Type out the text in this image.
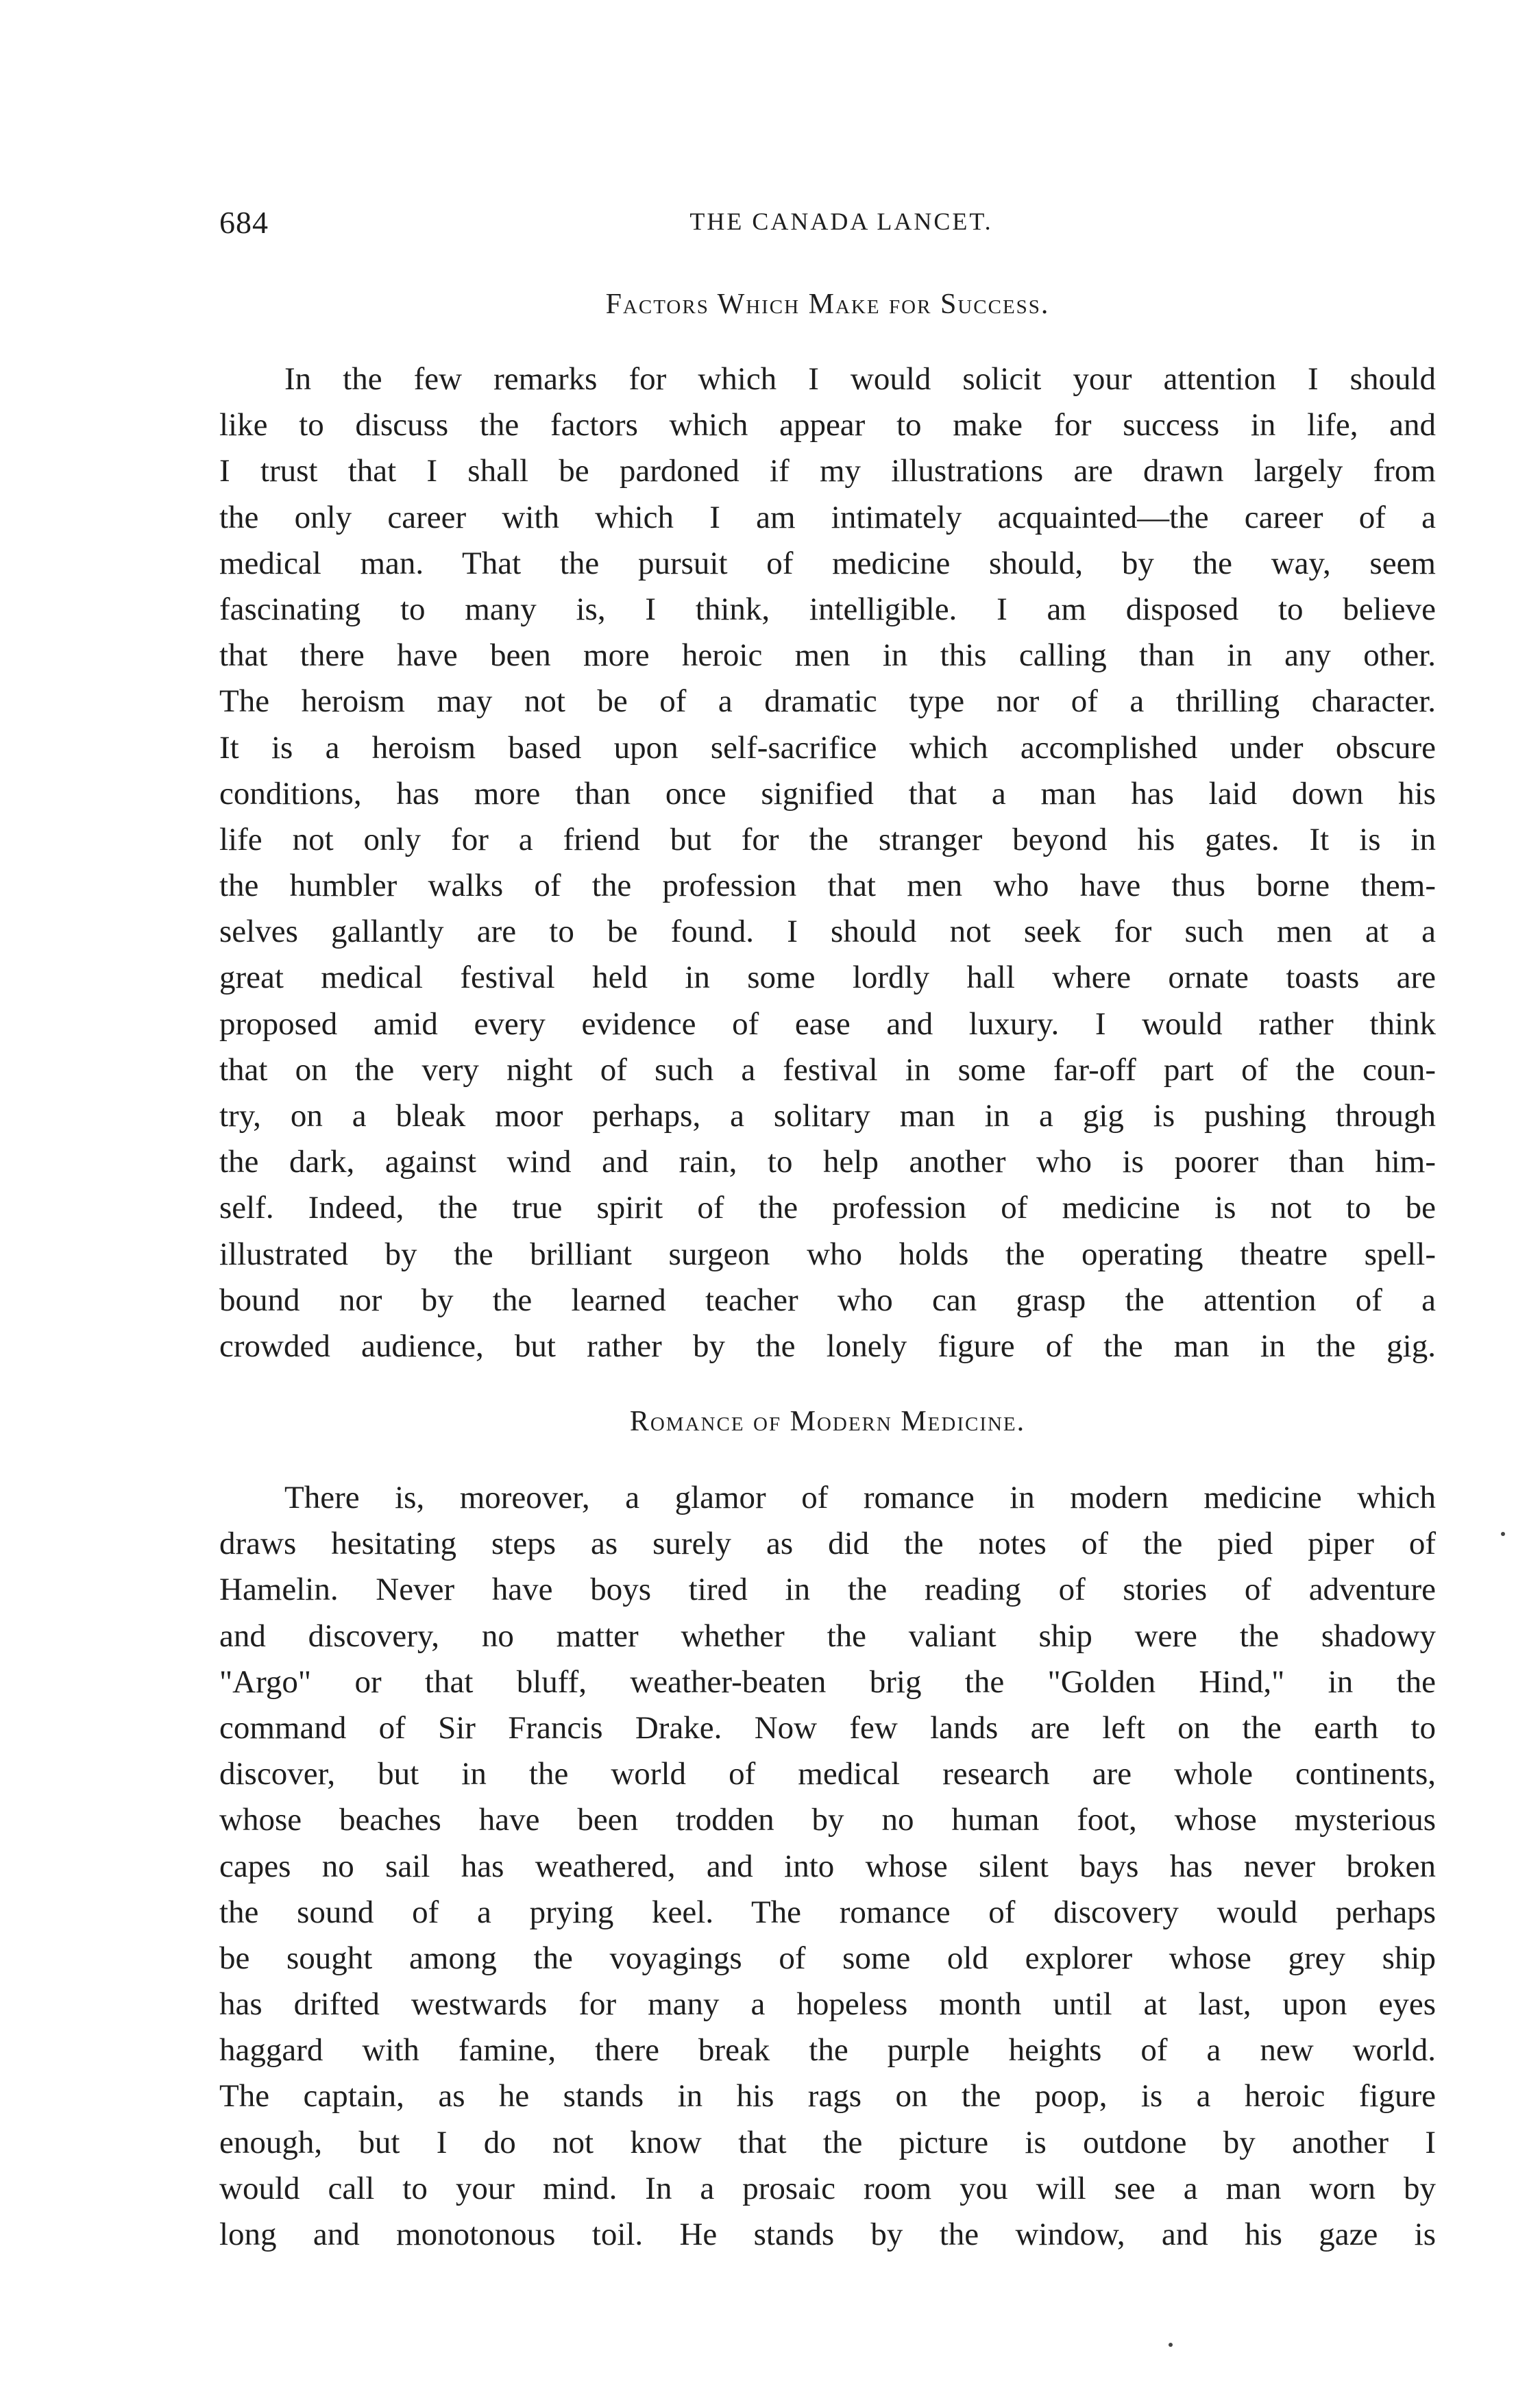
684	THE CANADA LANCET.
Factors Which Make for Success.
In the few remarks for which I would solicit your attention I should
like to discuss the factors which appear to make for success in life, and
I trust that I shall be pardoned if my illustrations are drawn largely from
the only career with which I am intimately acquainted—the career of a
medical man. That the pursuit of medicine should, by the way, seem
fascinating to many is, I think, intelligible. I am disposed to believe
that there have been more heroic men in this calling than in any other.
The heroism may not be of a dramatic type nor of a thrilling character.
It is a heroism based upon self-sacrifice which accomplished under obscure
conditions, has more than once signified that a man has laid down his
life not only for a friend but for the stranger beyond his gates. It is in
the humbler walks of the profession that men who have thus borne them-
selves gallantly are to be found. I should not seek for such men at a
great medical festival held in some lordly hall where ornate toasts are
proposed amid every evidence of ease and luxury. I would rather think
that on the very night of such a festival in some far-off part of the coun-
try, on a bleak moor perhaps, a solitary man in a gig is pushing through
the dark, against wind and rain, to help another who is poorer than him-
self. Indeed, the true spirit of the profession of medicine is not to be
illustrated by the brilliant surgeon who holds the operating theatre spell-
bound nor by the learned teacher who can grasp the attention of a
crowded audience, but rather by the lonely figure of the man in the gig.
Romance of Modern Medicine.
There is, moreover, a glamor of romance in modern medicine which
draws hesitating steps as surely as did the notes of the pied piper of
Hamelin. Never have boys tired in the reading of stories of adventure
and discovery, no matter whether the valiant ship were the shadowy
"Argo" or that bluff, weather-beaten brig the "Golden Hind," in the
command of Sir Francis Drake. Now few lands are left on the earth to
discover, but in the world of medical research are whole continents,
whose beaches have been trodden by no human foot, whose mysterious
capes no sail has weathered, and into whose silent bays has never broken
the sound of a prying keel. The romance of discovery would perhaps
be sought among the voyagings of some old explorer whose grey ship
has drifted westwards for many a hopeless month until at last, upon eyes
haggard with famine, there break the purple heights of a new world.
The captain, as he stands in his rags on the poop, is a heroic figure
enough, but I do not know that the picture is outdone by another I
would call to your mind. In a prosaic room you will see a man worn by
long and monotonous toil. He stands by the window, and his gaze is
